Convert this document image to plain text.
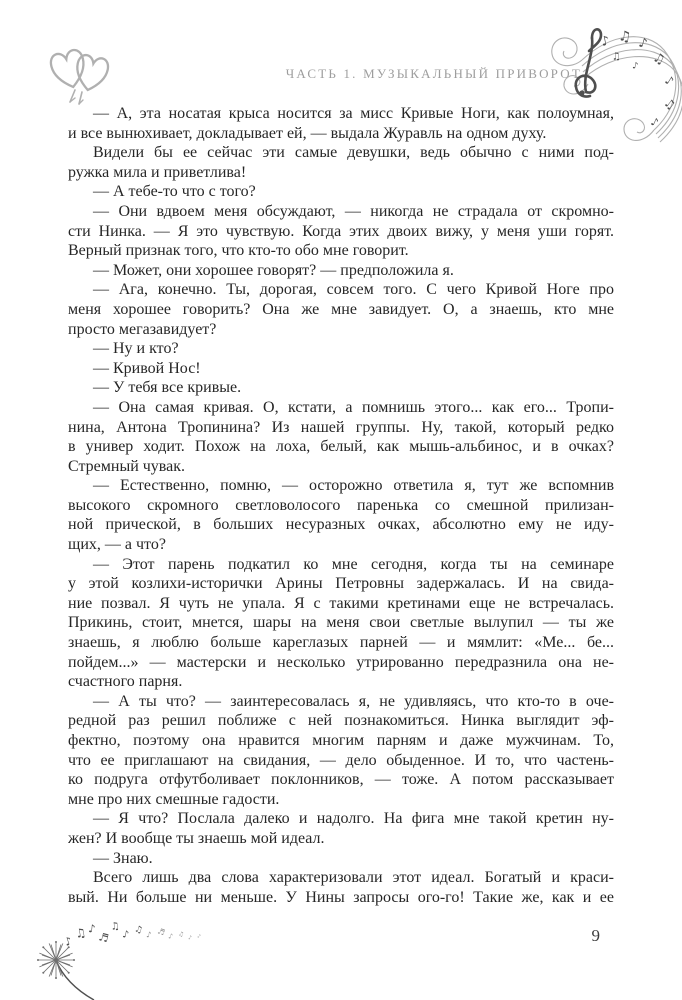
ЧАСТЬ 1. МУЗЫКАЛЬНЫЙ ПРИВОРОТ
♪ ♫ ♪
♫
♪
♫
♪
♫
♪
— А, эта носатая крыса носится за мисс Кривые Ноги, как полоумная,
и все вынюхивает, докладывает ей, — выдала Журавль на одном духу.
Видели бы ее сейчас эти самые девушки, ведь обычно с ними под-
ружка мила и приветлива!
— А тебе-то что с того?
— Они вдвоем меня обсуждают, — никогда не страдала от скромно-
сти Нинка. — Я это чувствую. Когда этих двоих вижу, у меня уши горят.
Верный признак того, что кто-то обо мне говорит.
— Может, они хорошее говорят? — предположила я.
— Ага, конечно. Ты, дорогая, совсем того. С чего Кривой Ноге про
меня хорошее говорить? Она же мне завидует. О, а знаешь, кто мне
просто мегазавидует?
— Ну и кто?
— Кривой Нос!
— У тебя все кривые.
— Она самая кривая. О, кстати, а помнишь этого... как его... Тропи-
нина, Антона Тропинина? Из нашей группы. Ну, такой, который редко
в универ ходит. Похож на лоха, белый, как мышь-альбинос, и в очках?
Стремный чувак.
— Естественно, помню, — осторожно ответила я, тут же вспомнив
высокого скромного светловолосого паренька со смешной прилизан-
ной прической, в больших несуразных очках, абсолютно ему не иду-
щих, — а что?
— Этот парень подкатил ко мне сегодня, когда ты на семинаре
у этой козлихи-исторички Арины Петровны задержалась. И на свида-
ние позвал. Я чуть не упала. Я с такими кретинами еще не встречалась.
Прикинь, стоит, мнется, шары на меня свои светлые вылупил — ты же
знаешь, я люблю больше кареглазых парней — и мямлит: «Ме... бе...
пойдем...» — мастерски и несколько утрированно передразнила она не-
счастного парня.
— А ты что? — заинтересовалась я, не удивляясь, что кто-то в оче-
редной раз решил поближе с ней познакомиться. Нинка выглядит эф-
фектно, поэтому она нравится многим парням и даже мужчинам. То,
что ее приглашают на свидания, — дело обыденное. И то, что частень-
ко подруга отфутболивает поклонников, — тоже. А потом рассказывает
мне про них смешные гадости.
— Я что? Послала далеко и надолго. На фига мне такой кретин ну-
жен? И вообще ты знаешь мой идеал.
— Знаю.
Всего лишь два слова характеризовали этот идеал. Богатый и краси-
вый. Ни больше ни меньше. У Нины запросы ого-го! Такие же, как и ее
♪
♫ ♪
♬
♫
♪ ♫ ♪ ♬ ♪ ♫ ♪ ♪	9
